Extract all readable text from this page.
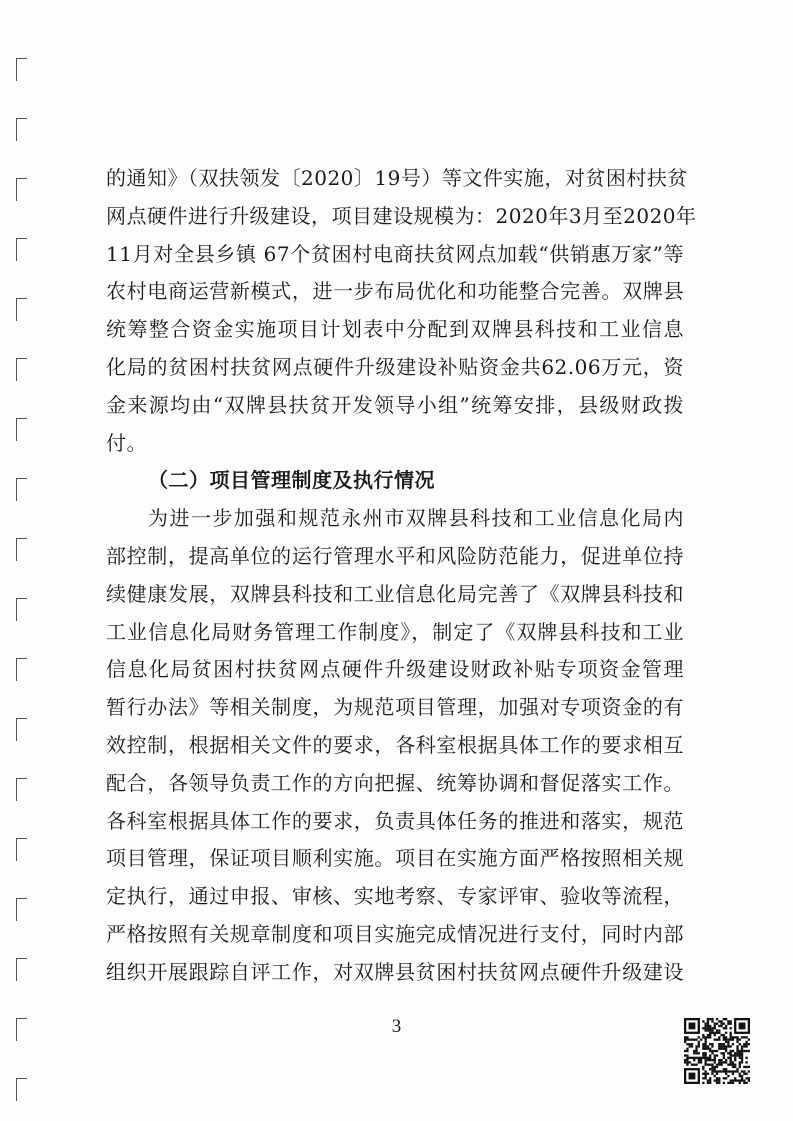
的通知》（双扶领发〔2020〕19号）等文件实施，对贫困村扶贫
网点硬件进行升级建设，项目建设规模为：2020年3月至2020年
11月对全县乡镇 67个贫困村电商扶贫网点加载“供销惠万家”等
农村电商运营新模式，进一步布局优化和功能整合完善。双牌县
统筹整合资金实施项目计划表中分配到双牌县科技和工业信息
化局的贫困村扶贫网点硬件升级建设补贴资金共62.06万元，资
金来源均由“双牌县扶贫开发领导小组”统筹安排，县级财政拨
付。
（二）项目管理制度及执行情况
为进一步加强和规范永州市双牌县科技和工业信息化局内
部控制，提高单位的运行管理水平和风险防范能力，促进单位持
续健康发展，双牌县科技和工业信息化局完善了《双牌县科技和
工业信息化局财务管理工作制度》，制定了《双牌县科技和工业
信息化局贫困村扶贫网点硬件升级建设财政补贴专项资金管理
暂行办法》等相关制度，为规范项目管理，加强对专项资金的有
效控制，根据相关文件的要求，各科室根据具体工作的要求相互
配合，各领导负责工作的方向把握、统筹协调和督促落实工作。
各科室根据具体工作的要求，负责具体任务的推进和落实，规范
项目管理，保证项目顺利实施。项目在实施方面严格按照相关规
定执行，通过申报、审核、实地考察、专家评审、验收等流程，
严格按照有关规章制度和项目实施完成情况进行支付，同时内部
组织开展跟踪自评工作，对双牌县贫困村扶贫网点硬件升级建设
3
